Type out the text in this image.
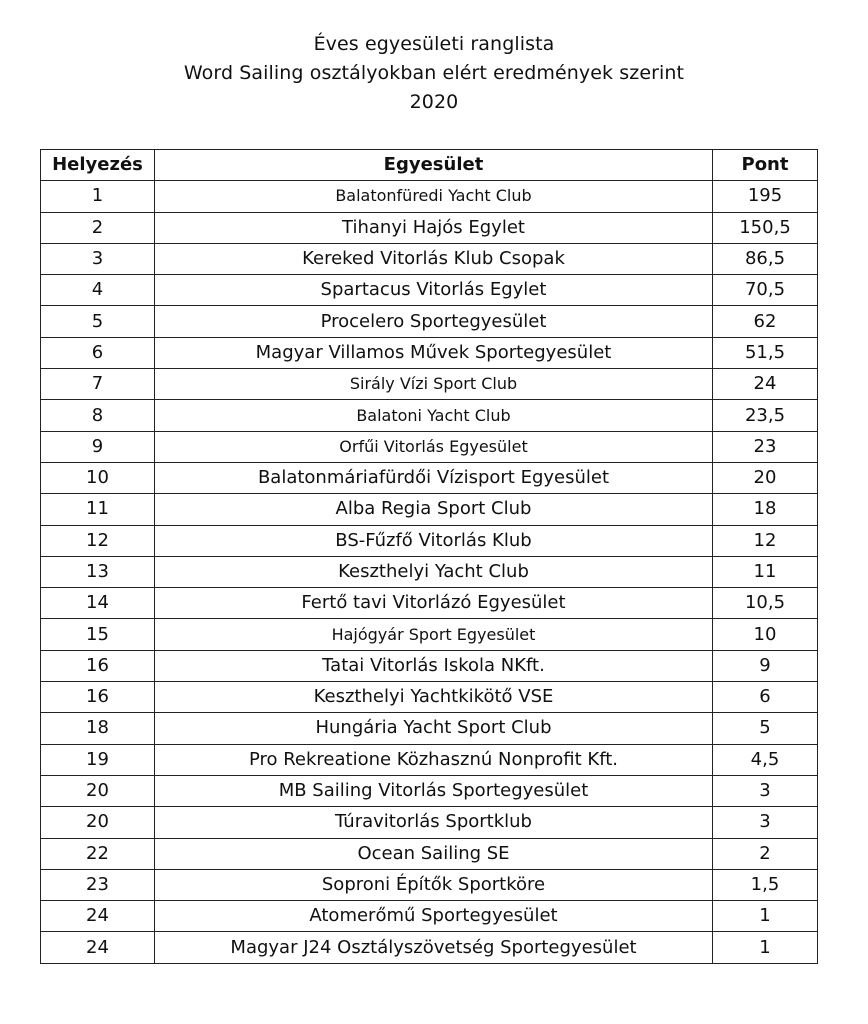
Éves egyesületi ranglista
Word Sailing osztályokban elért eredmények szerint
2020
Helyezés	Egyesület	Pont
1	Balatonfüredi Yacht Club	195
2	Tihanyi Hajós Egylet	150,5
3	Kereked Vitorlás Klub Csopak	86,5
4	Spartacus Vitorlás Egylet	70,5
5	Procelero Sportegyesület	62
6	Magyar Villamos Művek Sportegyesület	51,5
7	Sirály Vízi Sport Club	24
8	Balatoni Yacht Club	23,5
9	Orfűi Vitorlás Egyesület	23
10	Balatonmáriafürdői Vízisport Egyesület	20
11	Alba Regia Sport Club	18
12	BS-Fűzfő Vitorlás Klub	12
13	Keszthelyi Yacht Club	11
14	Fertő tavi Vitorlázó Egyesület	10,5
15	Hajógyár Sport Egyesület	10
16	Tatai Vitorlás Iskola NKft.	9
16	Keszthelyi Yachtkikötő VSE	6
18	Hungária Yacht Sport Club	5
19	Pro Rekreatione Közhasznú Nonprofit Kft.	4,5
20	MB Sailing Vitorlás Sportegyesület	3
20	Túravitorlás Sportklub	3
22	Ocean Sailing SE	2
23	Soproni Építők Sportköre	1,5
24	Atomerőmű Sportegyesület	1
24	Magyar J24 Osztályszövetség Sportegyesület	1
